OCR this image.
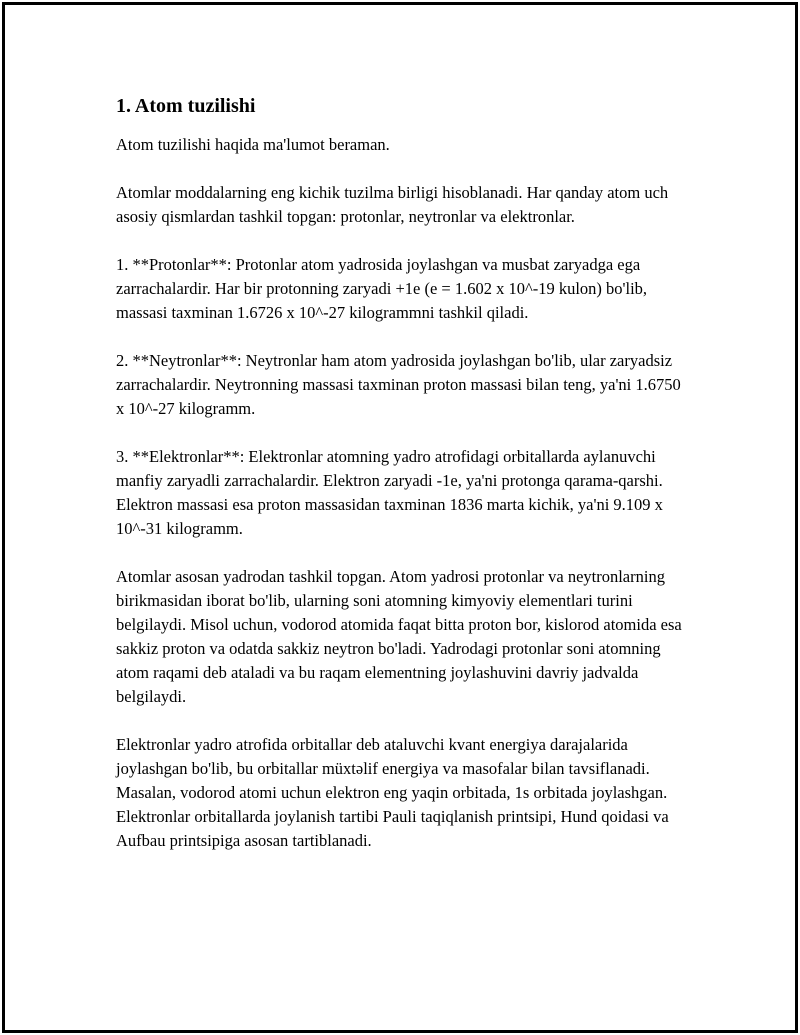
1. Atom tuzilishi

Atom tuzilishi haqida ma'lumot beraman.

Atomlar moddalarning eng kichik tuzilma birligi hisoblanadi. Har qanday atom uch asosiy qismlardan tashkil topgan: protonlar, neytronlar va elektronlar.

1. **Protonlar**: Protonlar atom yadrosida joylashgan va musbat zaryadga ega zarrachalardir. Har bir protonning zaryadi +1e (e = 1.602 x 10^-19 kulon) bo'lib, massasi taxminan 1.6726 x 10^-27 kilogrammni tashkil qiladi.

2. **Neytronlar**: Neytronlar ham atom yadrosida joylashgan bo'lib, ular zaryadsiz zarrachalardir. Neytronning massasi taxminan proton massasi bilan teng, ya'ni 1.6750 x 10^-27 kilogramm.

3. **Elektronlar**: Elektronlar atomning yadro atrofidagi orbitallarda aylanuvchi manfiy zaryadli zarrachalardir. Elektron zaryadi -1e, ya'ni protonga qarama-qarshi. Elektron massasi esa proton massasidan taxminan 1836 marta kichik, ya'ni 9.109 x 10^-31 kilogramm.

Atomlar asosan yadrodan tashkil topgan. Atom yadrosi protonlar va neytronlarning birikmasidan iborat bo'lib, ularning soni atomning kimyoviy elementlari turini belgilaydi. Misol uchun, vodorod atomida faqat bitta proton bor, kislorod atomida esa sakkiz proton va odatda sakkiz neytron bo'ladi. Yadrodagi protonlar soni atomning atom raqami deb ataladi va bu raqam elementning joylashuvini davriy jadvalda belgilaydi.

Elektronlar yadro atrofida orbitallar deb ataluvchi kvant energiya darajalarida joylashgan bo'lib, bu orbitallar müxtəlif energiya va masofalar bilan tavsiflanadi. Masalan, vodorod atomi uchun elektron eng yaqin orbitada, 1s orbitada joylashgan. Elektronlar orbitallarda joylanish tartibi Pauli taqiqlanish printsipi, Hund qoidasi va Aufbau printsipiga asosan tartiblanadi.
